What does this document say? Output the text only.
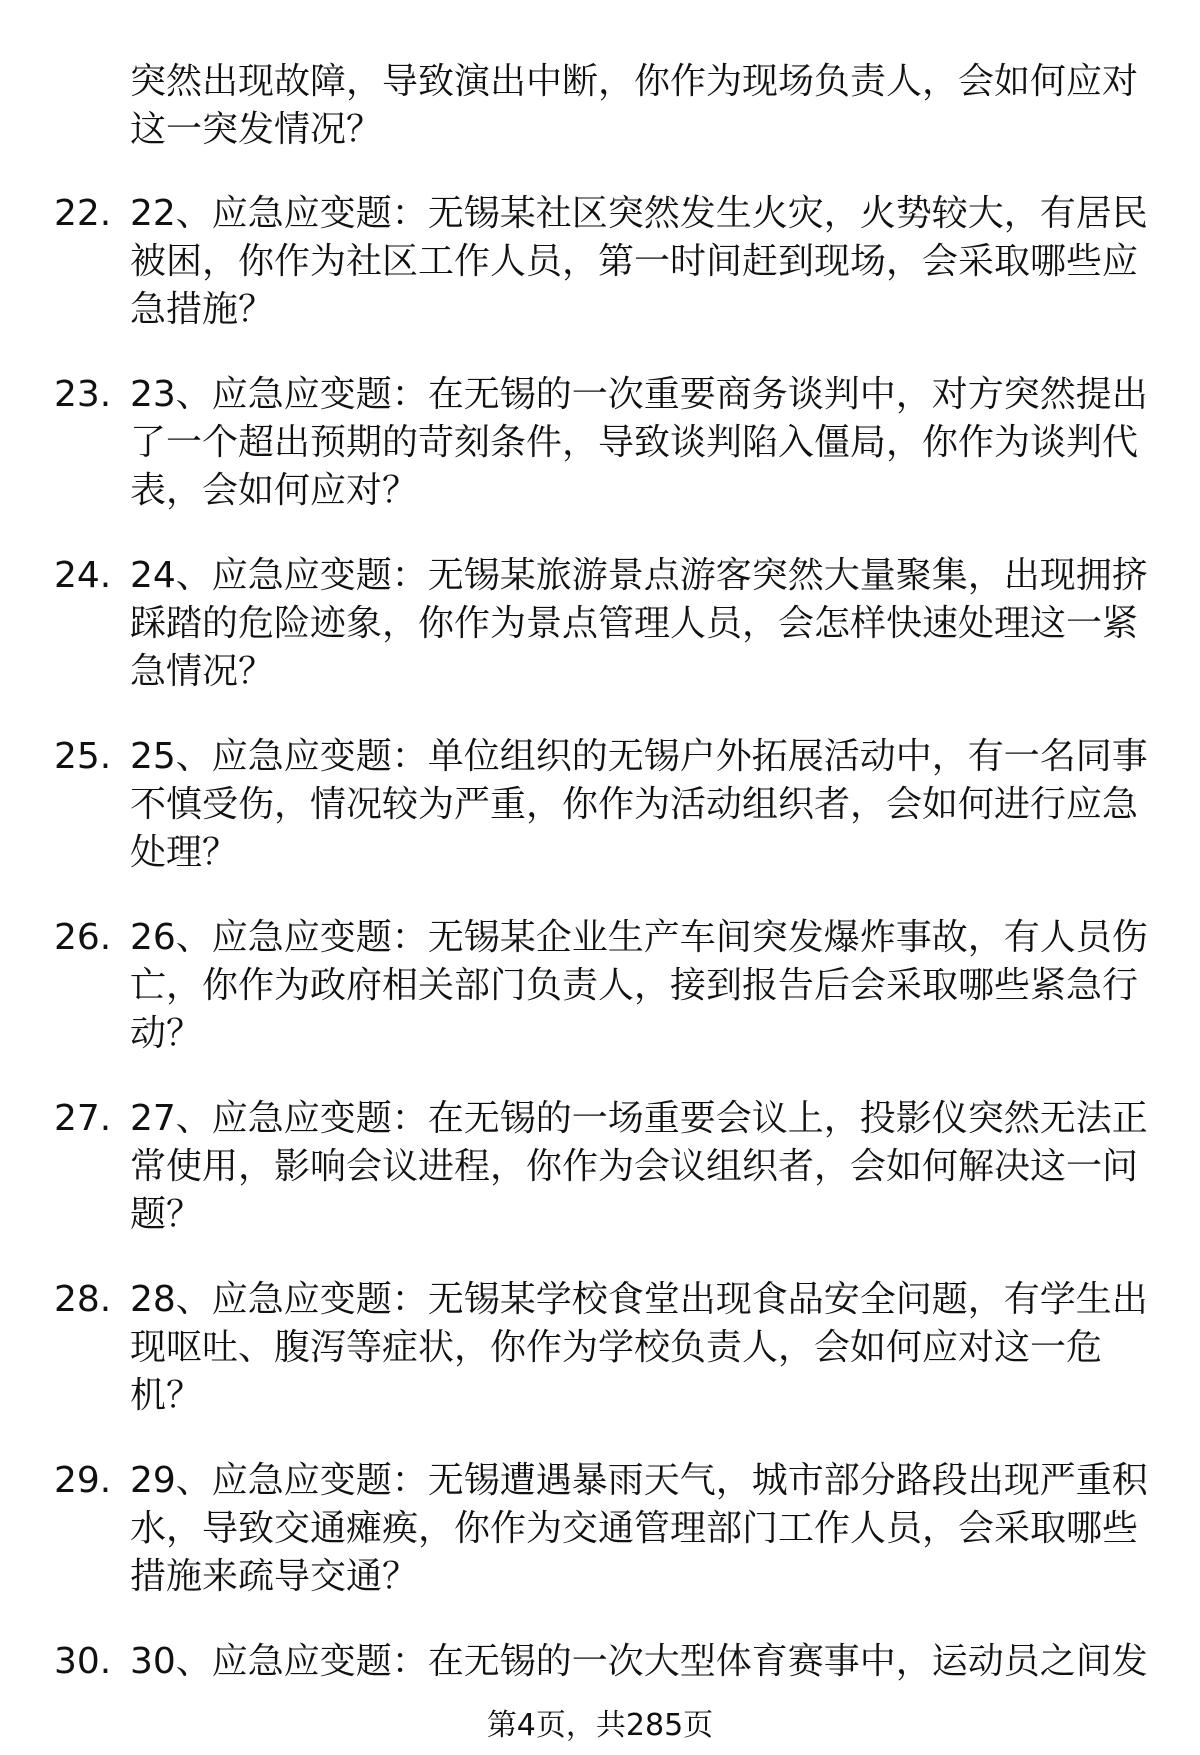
突然出现故障，导致演出中断，你作为现场负责人，会如何应对这一突发情况？

22. 22、应急应变题：无锡某社区突然发生火灾，火势较大，有居民被困，你作为社区工作人员，第一时间赶到现场，会采取哪些应急措施？
23. 23、应急应变题：在无锡的一次重要商务谈判中，对方突然提出了一个超出预期的苛刻条件，导致谈判陷入僵局，你作为谈判代表，会如何应对？
24. 24、应急应变题：无锡某旅游景点游客突然大量聚集，出现拥挤踩踏的危险迹象，你作为景点管理人员，会怎样快速处理这一紧急情况？
25. 25、应急应变题：单位组织的无锡户外拓展活动中，有一名同事不慎受伤，情况较为严重，你作为活动组织者，会如何进行应急处理？
26. 26、应急应变题：无锡某企业生产车间突发爆炸事故，有人员伤亡，你作为政府相关部门负责人，接到报告后会采取哪些紧急行动？
27. 27、应急应变题：在无锡的一场重要会议上，投影仪突然无法正常使用，影响会议进程，你作为会议组织者，会如何解决这一问题？
28. 28、应急应变题：无锡某学校食堂出现食品安全问题，有学生出现呕吐、腹泻等症状，你作为学校负责人，会如何应对这一危机？
29. 29、应急应变题：无锡遭遇暴雨天气，城市部分路段出现严重积水，导致交通瘫痪，你作为交通管理部门工作人员，会采取哪些措施来疏导交通？
30. 30、应急应变题：在无锡的一次大型体育赛事中，运动员之间发
第4页，共285页
